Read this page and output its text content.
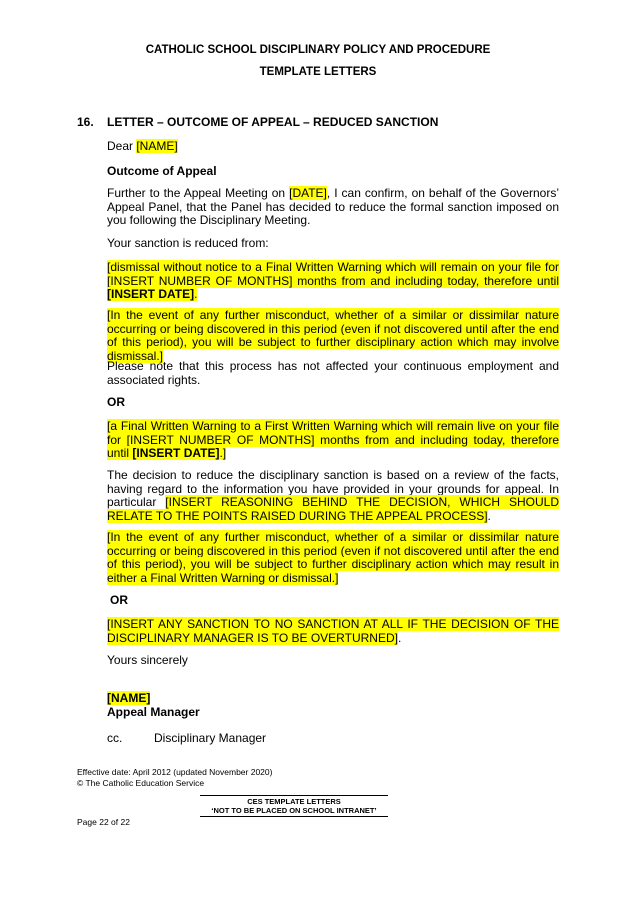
CATHOLIC SCHOOL DISCIPLINARY POLICY AND PROCEDURE
TEMPLATE LETTERS
16. LETTER – OUTCOME OF APPEAL – REDUCED SANCTION
Dear [NAME]
Outcome of Appeal
Further to the Appeal Meeting on [DATE], I can confirm, on behalf of the Governors’ Appeal Panel, that the Panel has decided to reduce the formal sanction imposed on you following the Disciplinary Meeting.
Your sanction is reduced from:
[dismissal without notice to a Final Written Warning which will remain on your file for [INSERT NUMBER OF MONTHS] months from and including today, therefore until [INSERT DATE].
[In the event of any further misconduct, whether of a similar or dissimilar nature occurring or being discovered in this period (even if not discovered until after the end of this period), you will be subject to further disciplinary action which may involve dismissal.]
Please note that this process has not affected your continuous employment and associated rights.
OR
[a Final Written Warning to a First Written Warning which will remain live on your file for [INSERT NUMBER OF MONTHS] months from and including today, therefore until [INSERT DATE].]
The decision to reduce the disciplinary sanction is based on a review of the facts, having regard to the information you have provided in your grounds for appeal. In particular [INSERT REASONING BEHIND THE DECISION, WHICH SHOULD RELATE TO THE POINTS RAISED DURING THE APPEAL PROCESS].
[In the event of any further misconduct, whether of a similar or dissimilar nature occurring or being discovered in this period (even if not discovered until after the end of this period), you will be subject to further disciplinary action which may result in either a Final Written Warning or dismissal.]
OR
[INSERT ANY SANCTION TO NO SANCTION AT ALL IF THE DECISION OF THE DISCIPLINARY MANAGER IS TO BE OVERTURNED].
Yours sincerely
[NAME]
Appeal Manager
cc.	Disciplinary Manager
Effective date: April 2012 (updated November 2020)
© The Catholic Education Service
CES TEMPLATE LETTERS
‘NOT TO BE PLACED ON SCHOOL INTRANET’
Page 22 of 22
